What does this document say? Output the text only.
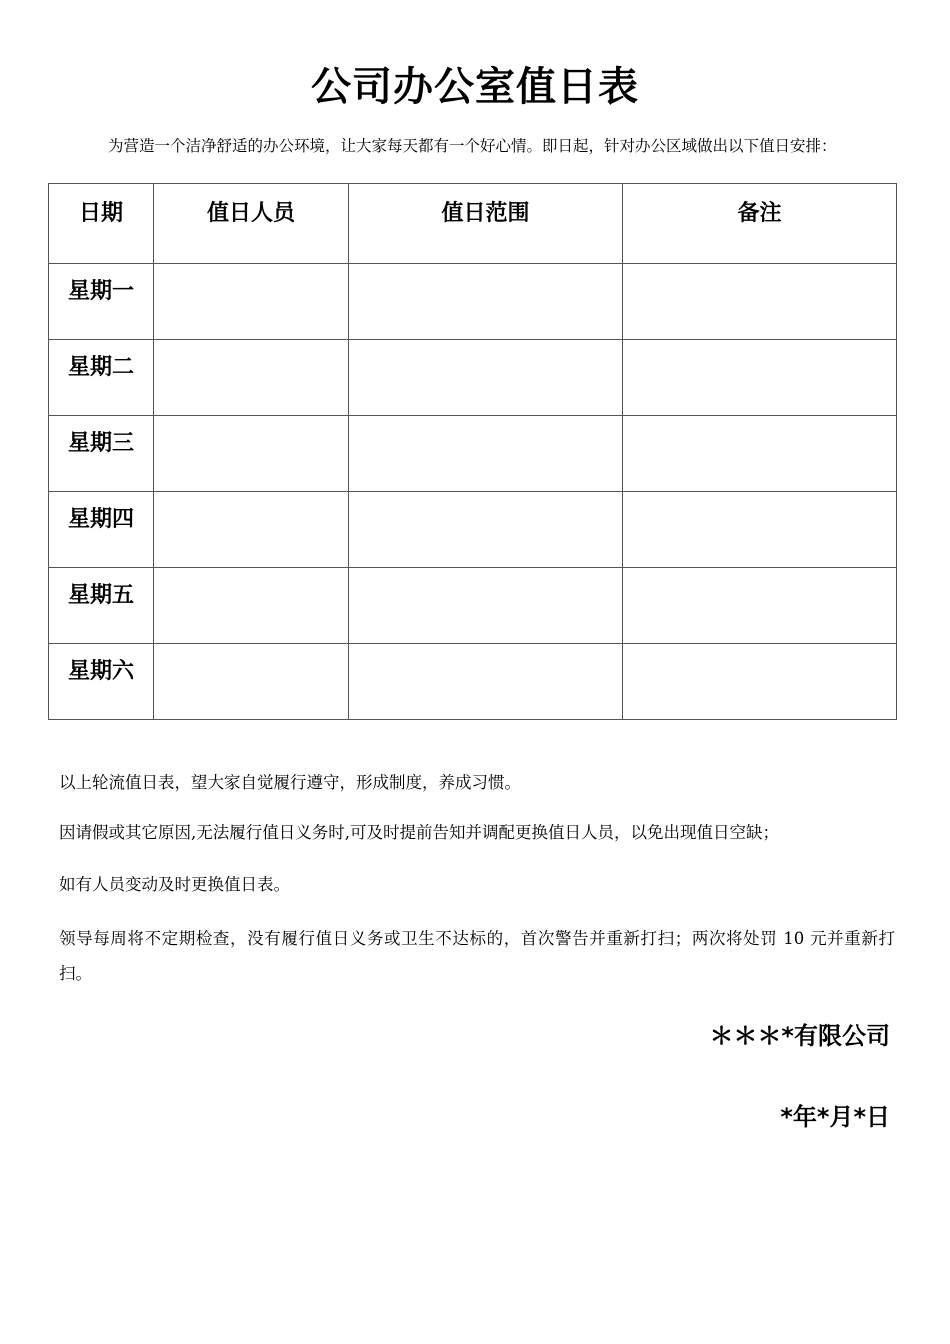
公司办公室值日表
为营造一个洁净舒适的办公环境，让大家每天都有一个好心情。即日起，针对办公区域做出以下值日安排：
日期	值日人员	值日范围	备注
星期一			
星期二			
星期三			
星期四			
星期五			
星期六			

以上轮流值日表，望大家自觉履行遵守，形成制度，养成习惯。

因请假或其它原因,无法履行值日义务时,可及时提前告知并调配更换值日人员，以免出现值日空缺；

如有人员变动及时更换值日表。

领导每周将不定期检查，没有履行值日义务或卫生不达标的，首次警告并重新打扫；两次将处罚 10 元并重新打扫。

＊＊＊*有限公司
*年*月*日
